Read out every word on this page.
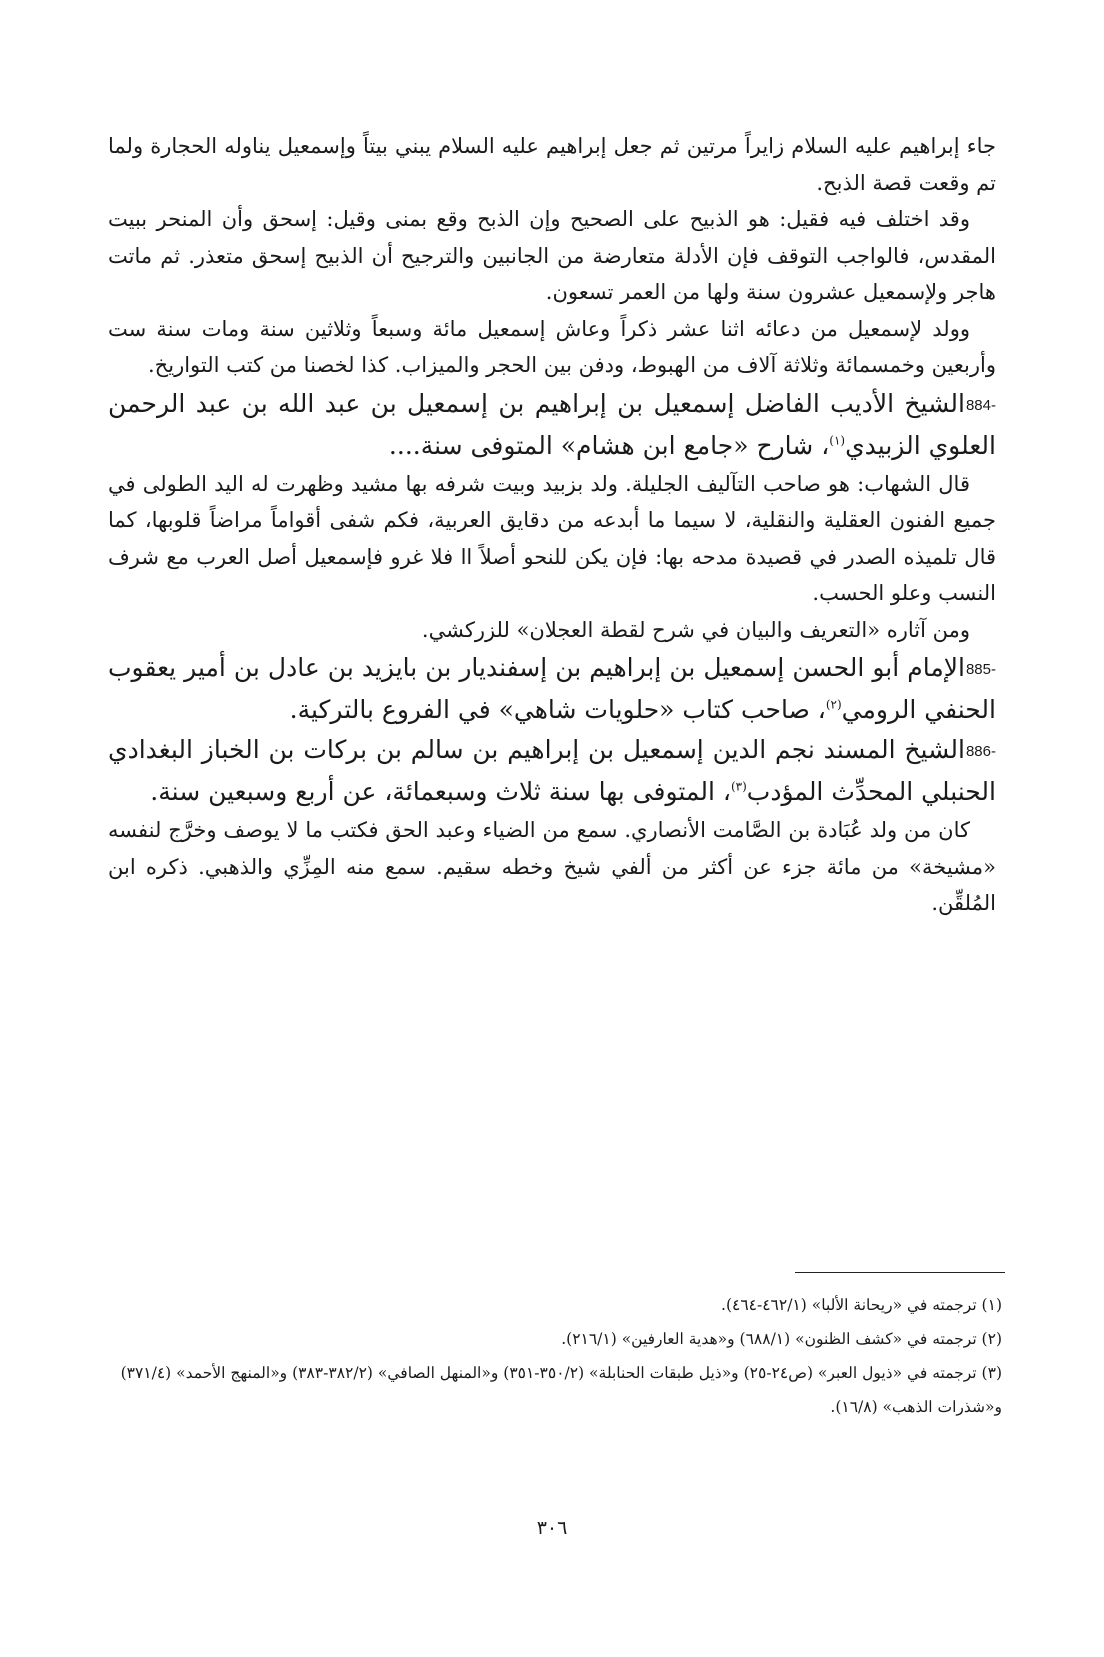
جاء إبراهيم عليه السلام زايراً مرتين ثم جعل إبراهيم عليه السلام يبني بيتاً وإسمعيل يناوله الحجارة ولما تم وقعت قصة الذبح.

وقد اختلف فيه فقيل: هو الذبيح على الصحيح وإن الذبح وقع بمنى وقيل: إسحق وأن المنحر ببيت المقدس، فالواجب التوقف فإن الأدلة متعارضة من الجانبين والترجيح أن الذبيح إسحق متعذر. ثم ماتت هاجر ولإسمعيل عشرون سنة ولها من العمر تسعون.

وولد لإسمعيل من دعائه اثنا عشر ذكراً وعاش إسمعيل مائة وسبعاً وثلاثين سنة ومات سنة ست وأربعين وخمسمائة وثلاثة آلاف من الهبوط، ودفن بين الحجر والميزاب. كذا لخصنا من كتب التواريخ.

884-الشيخ الأديب الفاضل إسمعيل بن إبراهيم بن إسمعيل بن عبد الله بن عبد الرحمن العلوي الزبيدي$^{(١)}$، شارح «جامع ابن هشام» المتوفى سنة....

قال الشهاب: هو صاحب التآليف الجليلة. ولد بزبيد وبيت شرفه بها مشيد وظهرت له اليد الطولى في جميع الفنون العقلية والنقلية، لا سيما ما أبدعه من دقايق العربية، فكم شفى أقواماً مراضاً قلوبها، كما قال تلميذه الصدر في قصيدة مدحه بها: فإن يكن للنحو أصلاً اا فلا غرو فإسمعيل أصل العرب مع شرف النسب وعلو الحسب.

ومن آثاره «التعريف والبيان في شرح لقطة العجلان» للزركشي.

885-الإمام أبو الحسن إسمعيل بن إبراهيم بن إسفنديار بن بايزيد بن عادل بن أمير يعقوب الحنفي الرومي$^{(٢)}$، صاحب كتاب «حلويات شاهي» في الفروع بالتركية.

886-الشيخ المسند نجم الدين إسمعيل بن إبراهيم بن سالم بن بركات بن الخباز البغدادي الحنبلي المحدِّث المؤدب$^{(٣)}$، المتوفى بها سنة ثلاث وسبعمائة، عن أربع وسبعين سنة.

كان من ولد عُبَادة بن الصَّامت الأنصاري. سمع من الضياء وعبد الحق فكتب ما لا يوصف وخرَّج لنفسه «مشيخة» من مائة جزء عن أكثر من ألفي شيخ وخطه سقيم. سمع منه المِزِّي والذهبي. ذكره ابن المُلقِّن.

(١) ترجمته في «ريحانة الألبا» (٤٦٢/١-٤٦٤).

(٢) ترجمته في «كشف الظنون» (٦٨٨/١) و«هدية العارفين» (٢١٦/١).

(٣) ترجمته في «ذيول العبر» (ص٢٤-٢٥) و«ذيل طبقات الحنابلة» (٣٥٠/٢-٣٥١) و«المنهل الصافي» (٣٨٢/٢-٣٨٣) و«المنهج الأحمد» (٣٧١/٤) و«شذرات الذهب» (١٦/٨).

٣٠٦
